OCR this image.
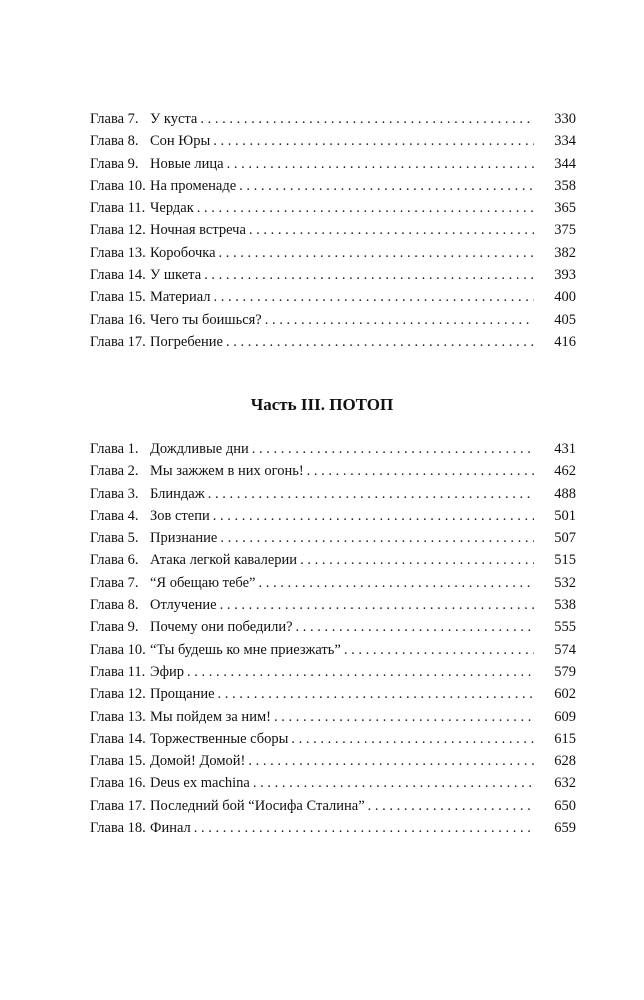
Глава 7. У куста . . .	330
Глава 8. Сон Юры . . .	334
Глава 9. Новые лица . . .	344
Глава 10. На променаде . . .	358
Глава 11. Чердак . . .	365
Глава 12. Ночная встреча . . .	375
Глава 13. Коробочка . . .	382
Глава 14. У шкета . . .	393
Глава 15. Материал . . .	400
Глава 16. Чего ты боишься? . . .	405
Глава 17. Погребение . . .	416
Часть III. ПОТОП
Глава 1. Дождливые дни . . .	431
Глава 2. Мы зажжем в них огонь! . . .	462
Глава 3. Блиндаж . . .	488
Глава 4. Зов степи . . .	501
Глава 5. Признание . . .	507
Глава 6. Атака легкой кавалерии . . .	515
Глава 7. “Я обещаю тебе” . . .	532
Глава 8. Отлучение . . .	538
Глава 9. Почему они победили? . . .	555
Глава 10. “Ты будешь ко мне приезжать” . . .	574
Глава 11. Эфир . . .	579
Глава 12. Прощание . . .	602
Глава 13. Мы пойдем за ним! . . .	609
Глава 14. Торжественные сборы . . .	615
Глава 15. Домой! Домой! . . .	628
Глава 16. Deus ex machina . . .	632
Глава 17. Последний бой “Иосифа Сталина” . . .	650
Глава 18. Финал . . .	659
